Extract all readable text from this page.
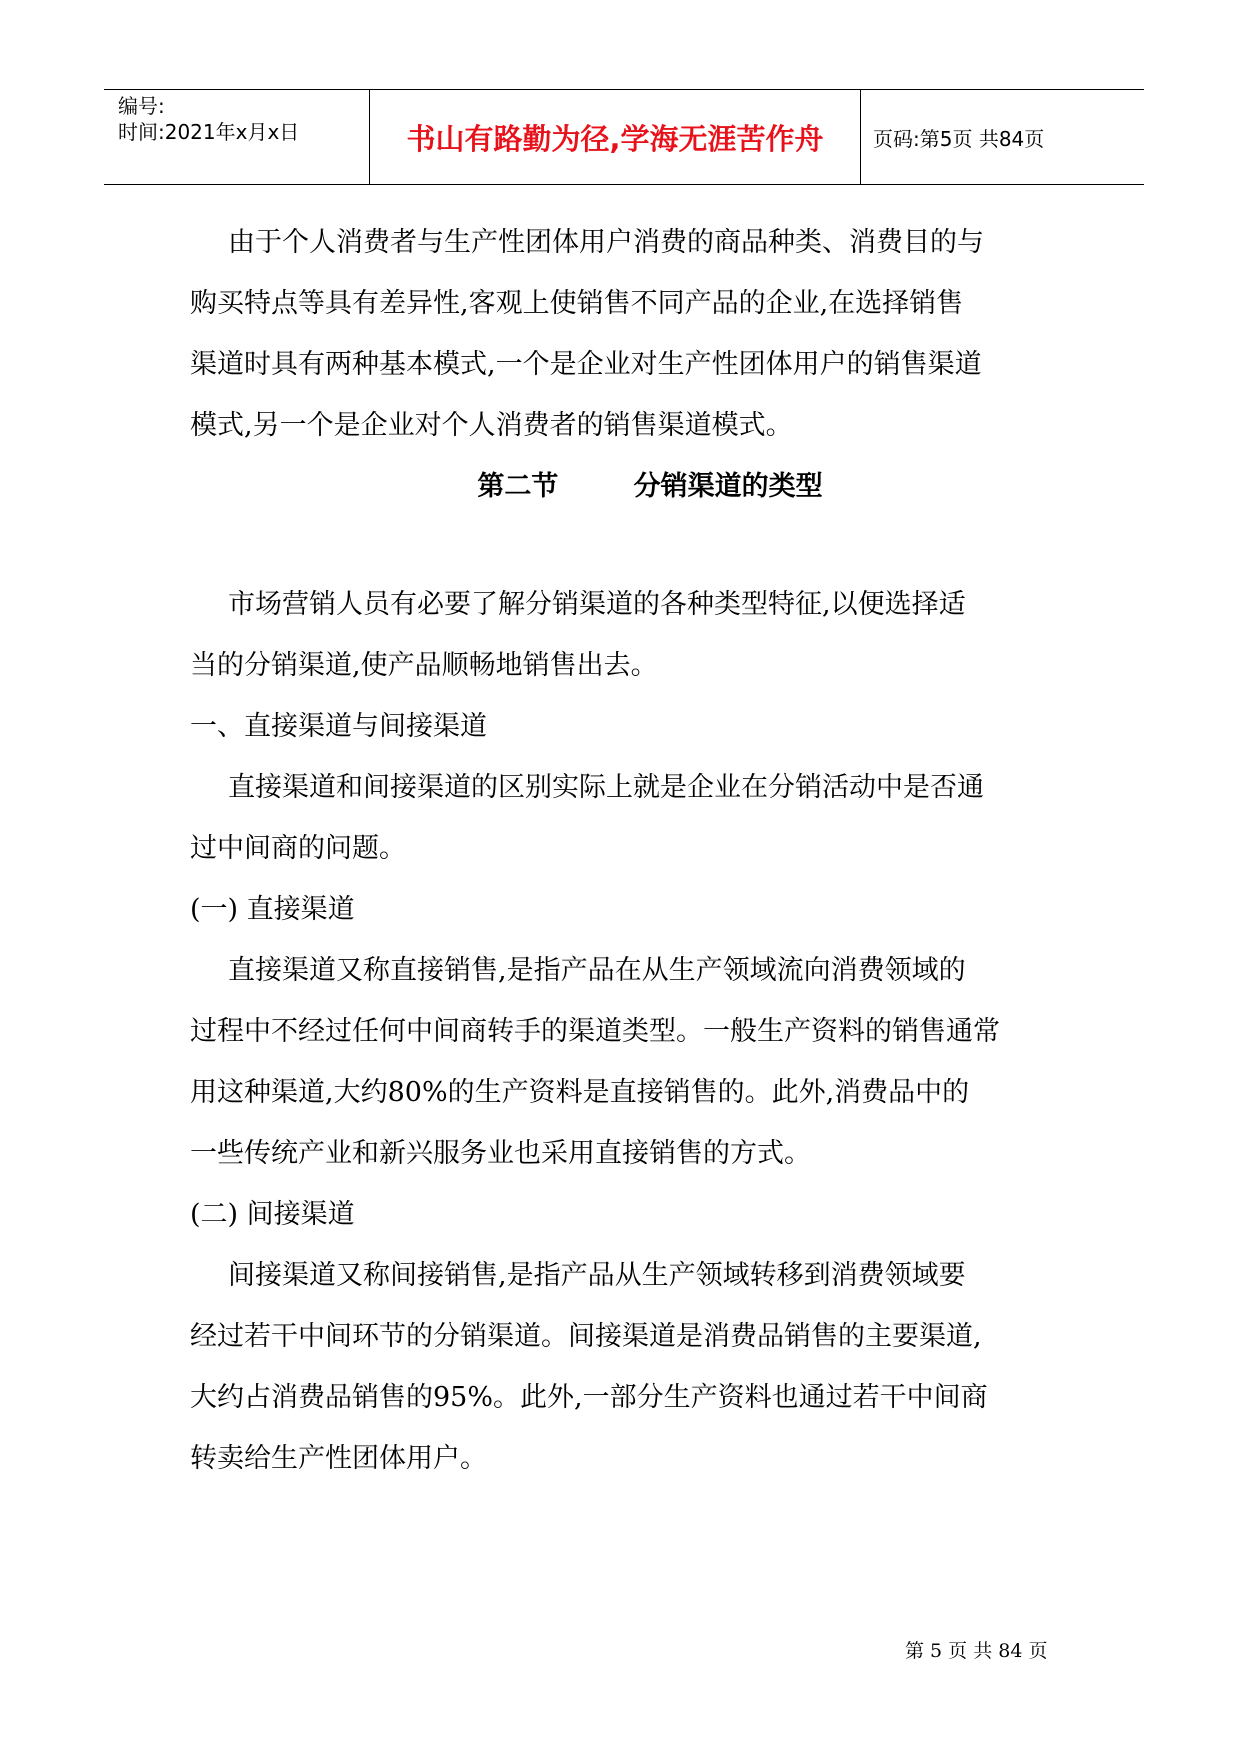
编号:
时间:2021年x月x日	书山有路勤为径,学海无涯苦作舟 页码:第5页 共84页
由于个人消费者与生产性团体用户消费的商品种类、消费目的与
购买特点等具有差异性,客观上使销售不同产品的企业,在选择销售
渠道时具有两种基本模式,一个是企业对生产性团体用户的销售渠道
模式,另一个是企业对个人消费者的销售渠道模式。
第二节        分销渠道的类型
市场营销人员有必要了解分销渠道的各种类型特征,以便选择适
当的分销渠道,使产品顺畅地销售出去。
一、直接渠道与间接渠道
直接渠道和间接渠道的区别实际上就是企业在分销活动中是否通
过中间商的问题。
(一) 直接渠道
直接渠道又称直接销售,是指产品在从生产领域流向消费领域的
过程中不经过任何中间商转手的渠道类型。一般生产资料的销售通常
用这种渠道,大约80%的生产资料是直接销售的。此外,消费品中的
一些传统产业和新兴服务业也采用直接销售的方式。
(二) 间接渠道
间接渠道又称间接销售,是指产品从生产领域转移到消费领域要
经过若干中间环节的分销渠道。间接渠道是消费品销售的主要渠道,
大约占消费品销售的95%。此外,一部分生产资料也通过若干中间商
转卖给生产性团体用户。
第 5 页 共 84 页
